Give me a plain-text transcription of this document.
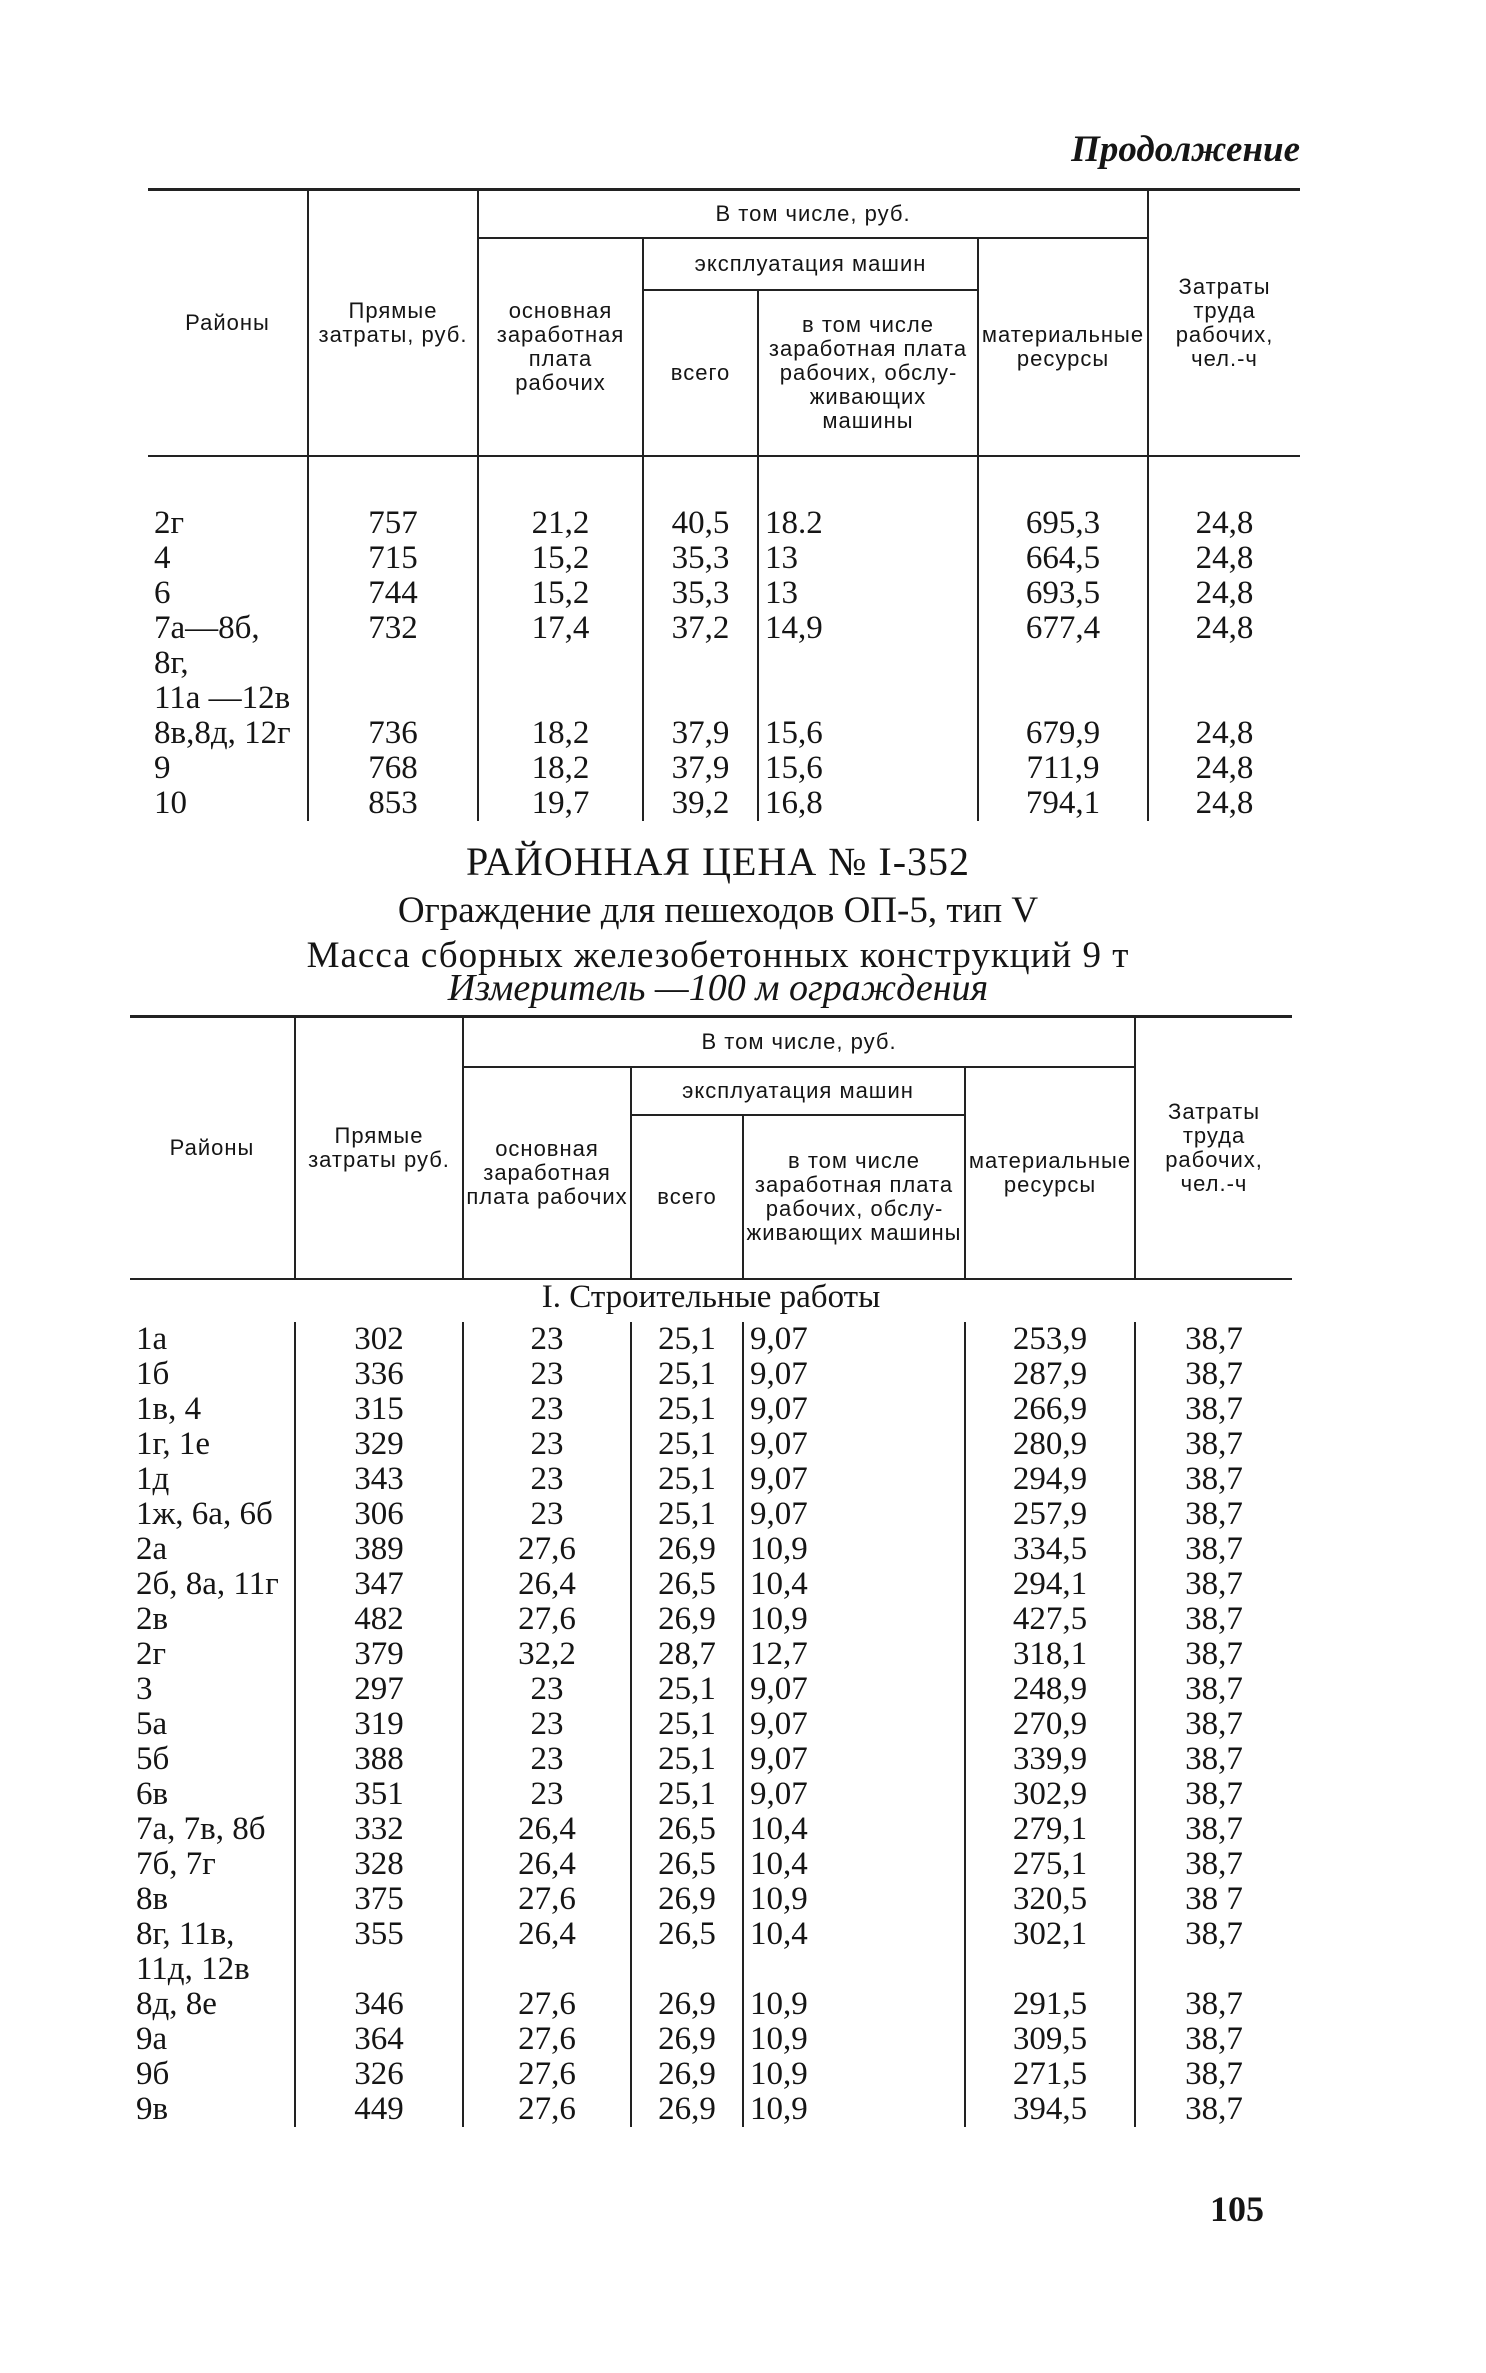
Продолжение
Районы	Прямые затраты, руб.	В том числе, руб.				Затраты труда рабочих, чел.-ч
		основная заработная плата рабочих	эксплуатация машин		материальные ресурсы	
			всего	в том числе заработная плата рабочих, обслуживающих машины		

2г	757	21,2	40,5	18.2	695,3	24,8
4	715	15,2	35,3	13	664,5	24,8
6	744	15,2	35,3	13	693,5	24,8
7а—8б,	732	17,4	37,2	14,9	677,4	24,8
8г,						
11а —12в						
8в,8д, 12г	736	18,2	37,9	15,6	679,9	24,8
9	768	18,2	37,9	15,6	711,9	24,8
10	853	19,7	39,2	16,8	794,1	24,8
РАЙОННАЯ ЦЕНА № I-352
Ограждение для пешеходов ОП-5, тип V
Масса сборных железобетонных конструкций 9 т
Измеритель —100 м ограждения
Районы	Прямые затраты руб.	В том числе, руб.				Затраты труда рабочих, чел.-ч
		основная заработная плата рабочих	эксплуатация машин		материальные ресурсы	
			всего	в том числе заработная плата рабочих, обслуживающих машины		
I. Строительные работы						
1а	302	23	25,1	9,07	253,9	38,7
1б	336	23	25,1	9,07	287,9	38,7
1в, 4	315	23	25,1	9,07	266,9	38,7
1г, 1е	329	23	25,1	9,07	280,9	38,7
1д	343	23	25,1	9,07	294,9	38,7
1ж, 6а, 6б	306	23	25,1	9,07	257,9	38,7
2а	389	27,6	26,9	10,9	334,5	38,7
2б, 8а, 11г	347	26,4	26,5	10,4	294,1	38,7
2в	482	27,6	26,9	10,9	427,5	38,7
2г	379	32,2	28,7	12,7	318,1	38,7
3	297	23	25,1	9,07	248,9	38,7
5а	319	23	25,1	9,07	270,9	38,7
5б	388	23	25,1	9,07	339,9	38,7
6в	351	23	25,1	9,07	302,9	38,7
7а, 7в, 8б	332	26,4	26,5	10,4	279,1	38,7
7б, 7г	328	26,4	26,5	10,4	275,1	38,7
8в	375	27,6	26,9	10,9	320,5	38 7
8г, 11в,	355	26,4	26,5	10,4	302,1	38,7
11д, 12в						
8д, 8е	346	27,6	26,9	10,9	291,5	38,7
9а	364	27,6	26,9	10,9	309,5	38,7
9б	326	27,6	26,9	10,9	271,5	38,7
9в	449	27,6	26,9	10,9	394,5	38,7
105
